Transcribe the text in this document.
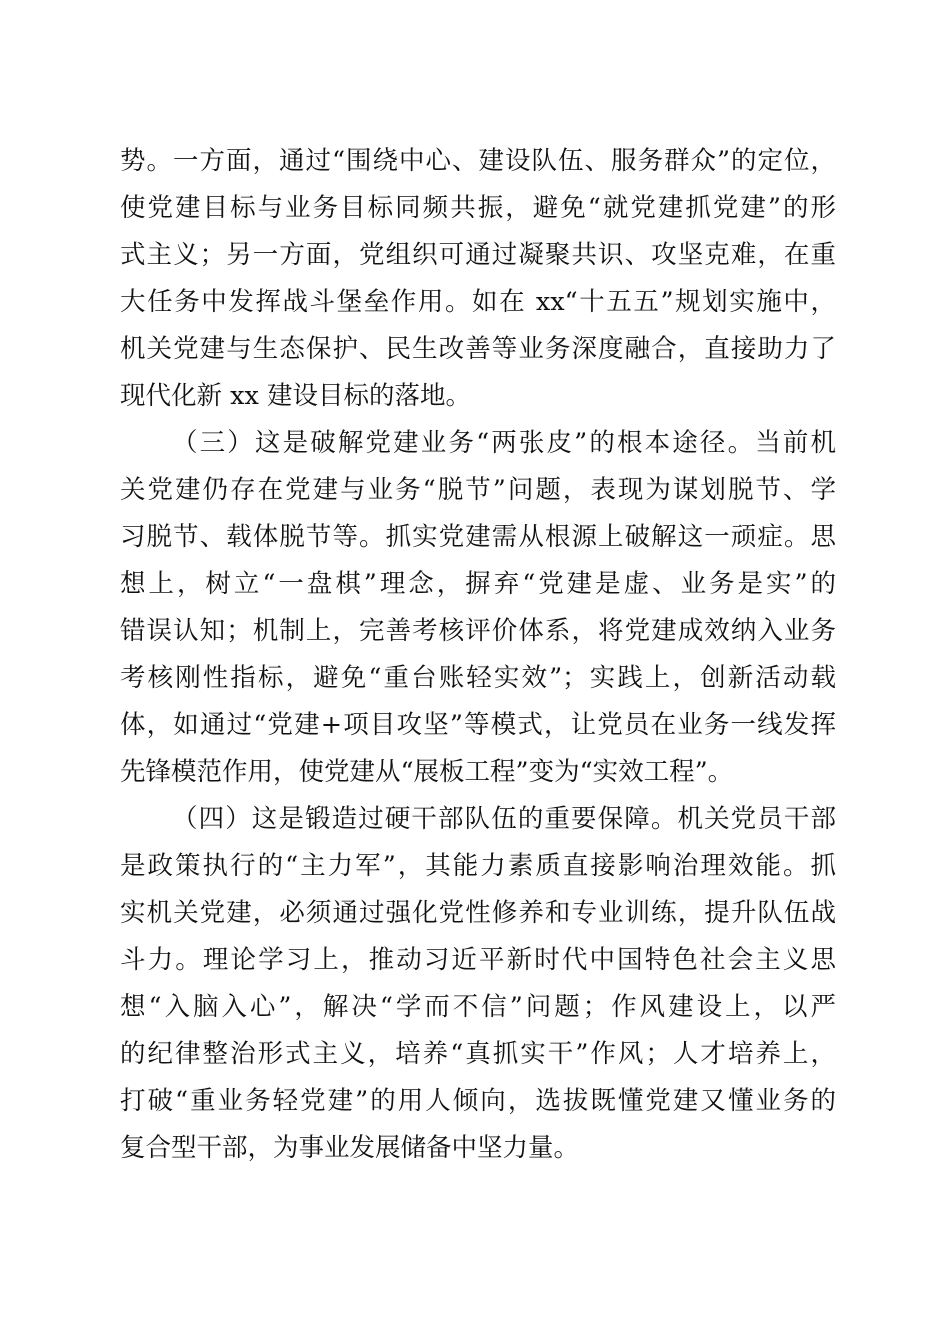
势。一方面，通过“围绕中心、建设队伍、服务群众”的定位，
使党建目标与业务目标同频共振，避免“就党建抓党建”的形
式主义；另一方面，党组织可通过凝聚共识、攻坚克难，在重
大任务中发挥战斗堡垒作用。如在 xx“十五五”规划实施中，
机关党建与生态保护、民生改善等业务深度融合，直接助力了
现代化新 xx 建设目标的落地。
（三）这是破解党建业务“两张皮”的根本途径。当前机
关党建仍存在党建与业务“脱节”问题，表现为谋划脱节、学
习脱节、载体脱节等。抓实党建需从根源上破解这一顽症。思
想上，树立“一盘棋”理念，摒弃“党建是虚、业务是实”的
错误认知；机制上，完善考核评价体系，将党建成效纳入业务
考核刚性指标，避免“重台账轻实效”；实践上，创新活动载
体，如通过“党建+项目攻坚”等模式，让党员在业务一线发挥
先锋模范作用，使党建从“展板工程”变为“实效工程”。
（四）这是锻造过硬干部队伍的重要保障。机关党员干部
是政策执行的“主力军”，其能力素质直接影响治理效能。抓
实机关党建，必须通过强化党性修养和专业训练，提升队伍战
斗力。理论学习上，推动习近平新时代中国特色社会主义思
想“入脑入心”，解决“学而不信”问题；作风建设上，以严
的纪律整治形式主义，培养“真抓实干”作风；人才培养上，
打破“重业务轻党建”的用人倾向，选拔既懂党建又懂业务的
复合型干部，为事业发展储备中坚力量。
